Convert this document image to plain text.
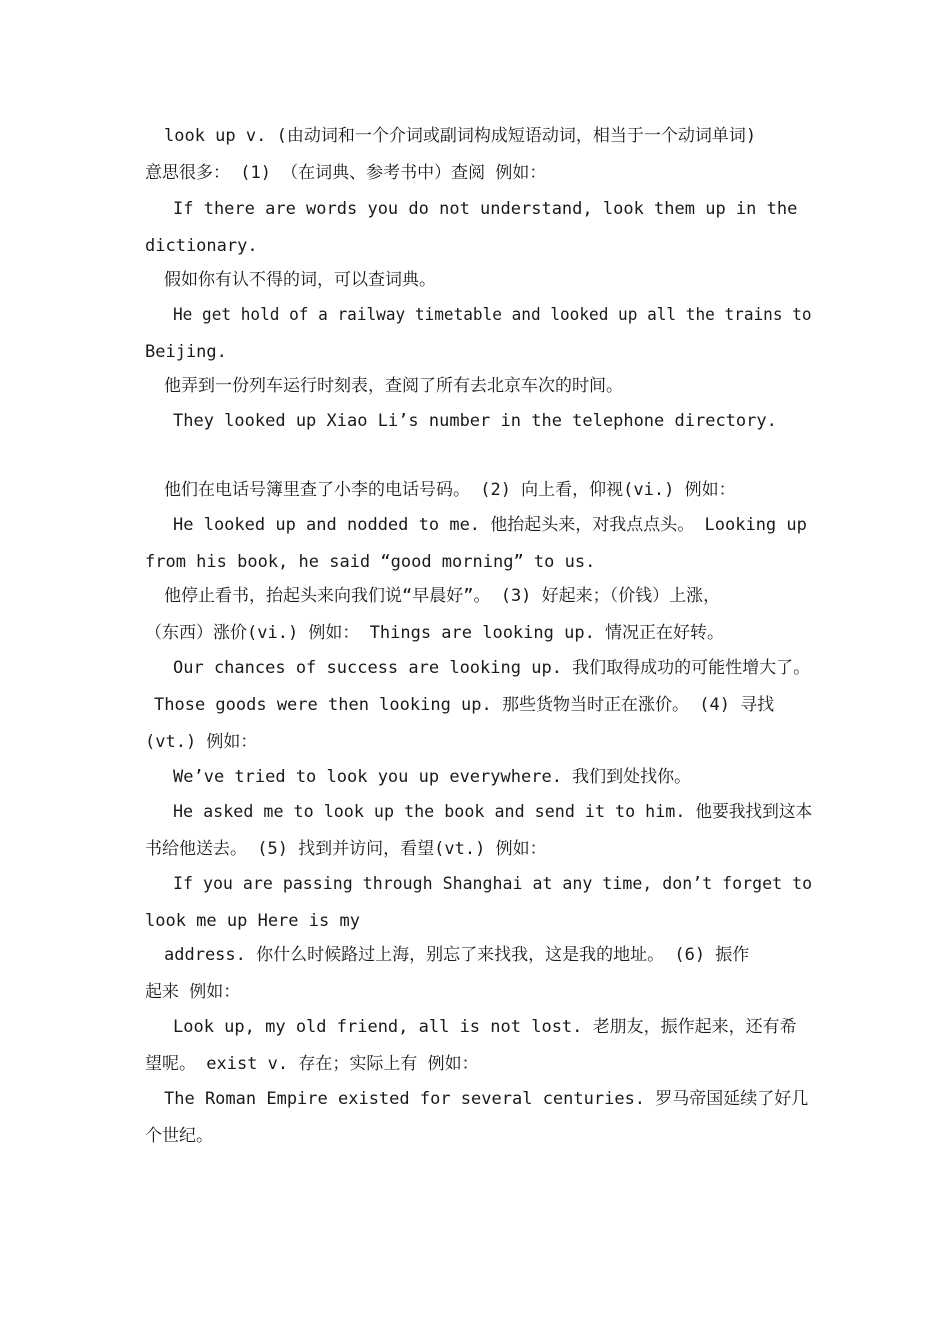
look up v. (由动词和一个介词或副词构成短语动词，相当于一个动词单词)

意思很多： (1) （在词典、参考书中）查阅 例如：

If there are words you do not understand, look them up in the

dictionary.

假如你有认不得的词，可以查词典。

He get hold of a railway timetable and looked up all the trains to

Beijing.

他弄到一份列车运行时刻表，查阅了所有去北京车次的时间。

They looked up Xiao Li’s number in the telephone directory.

他们在电话号簿里查了小李的电话号码。 (2) 向上看，仰视(vi.) 例如：

He looked up and nodded to me. 他抬起头来，对我点点头。 Looking up

from his book, he said “good morning” to us.

他停止看书，抬起头来向我们说“早晨好”。 (3) 好起来；（价钱）上涨，

（东西）涨价(vi.) 例如： Things are looking up. 情况正在好转。

Our chances of success are looking up. 我们取得成功的可能性增大了。

Those goods were then looking up. 那些货物当时正在涨价。 (4) 寻找

(vt.) 例如：

We’ve tried to look you up everywhere. 我们到处找你。

He asked me to look up the book and send it to him. 他要我找到这本

书给他送去。 (5) 找到并访问，看望(vt.) 例如：

If you are passing through Shanghai at any time, don’t forget to

look me up Here is my

address. 你什么时候路过上海，别忘了来找我，这是我的地址。 (6) 振作

起来 例如：

Look up, my old friend, all is not lost. 老朋友，振作起来，还有希

望呢。 exist v. 存在；实际上有 例如：

The Roman Empire existed for several centuries. 罗马帝国延续了好几

个世纪。
